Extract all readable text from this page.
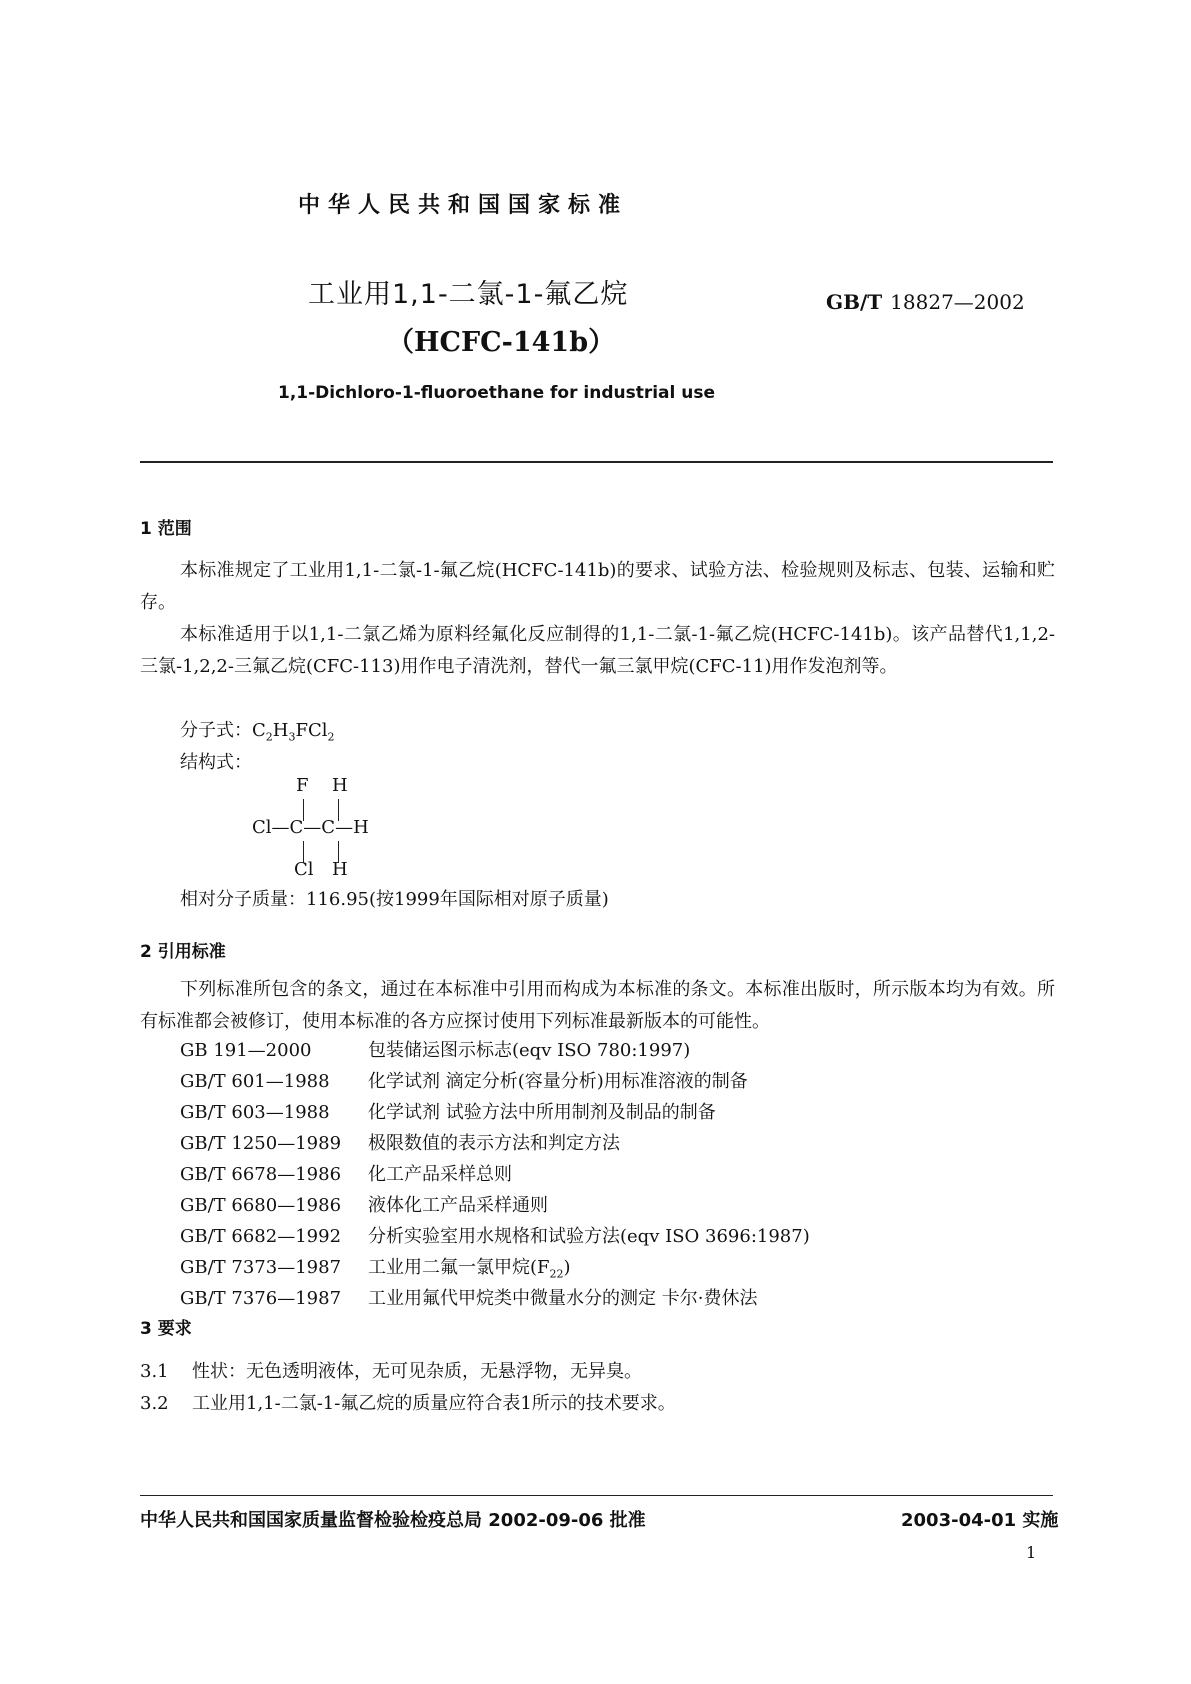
中华人民共和国国家标准
工业用1,1-二氯-1-氟乙烷
（HCFC-141b）
GB/T 18827—2002
1,1-Dichloro-1-fluoroethane for industrial use
1 范围
本标准规定了工业用1,1-二氯-1-氟乙烷(HCFC-141b)的要求、试验方法、检验规则及标志、包装、运输和贮存。
本标准适用于以1,1-二氯乙烯为原料经氟化反应制得的1,1-二氯-1-氟乙烷(HCFC-141b)。该产品替代1,1,2-三氯-1,2,2-三氟乙烷(CFC-113)用作电子清洗剂，替代一氟三氯甲烷(CFC-11)用作发泡剂等。
分子式：$C_2H_3FCl_2$
结构式：
F H
Cl—C—C—H
Cl H
相对分子质量：116.95(按1999年国际相对原子质量)
2 引用标准
下列标准所包含的条文，通过在本标准中引用而构成为本标准的条文。本标准出版时，所示版本均为有效。所有标准都会被修订，使用本标准的各方应探讨使用下列标准最新版本的可能性。
GB 191—2000	包装储运图示标志(eqv ISO 780:1997)
GB/T 601—1988 化学试剂 滴定分析(容量分析)用标准溶液的制备
GB/T 603—1988 化学试剂 试验方法中所用制剂及制品的制备
GB/T 1250—1989 极限数值的表示方法和判定方法
GB/T 6678—1986 化工产品采样总则
GB/T 6680—1986 液体化工产品采样通则
GB/T 6682—1992 分析实验室用水规格和试验方法(eqv ISO 3696:1987)
GB/T 7373—1987 工业用二氟一氯甲烷$(F_{22})$
GB/T 7376—1987 工业用氟代甲烷类中微量水分的测定 卡尔·费休法
3 要求
3.1 性状：无色透明液体，无可见杂质，无悬浮物，无异臭。
3.2 工业用1,1-二氯-1-氟乙烷的质量应符合表1所示的技术要求。
中华人民共和国国家质量监督检验检疫总局 2002-09-06 批准	2003-04-01 实施
1
